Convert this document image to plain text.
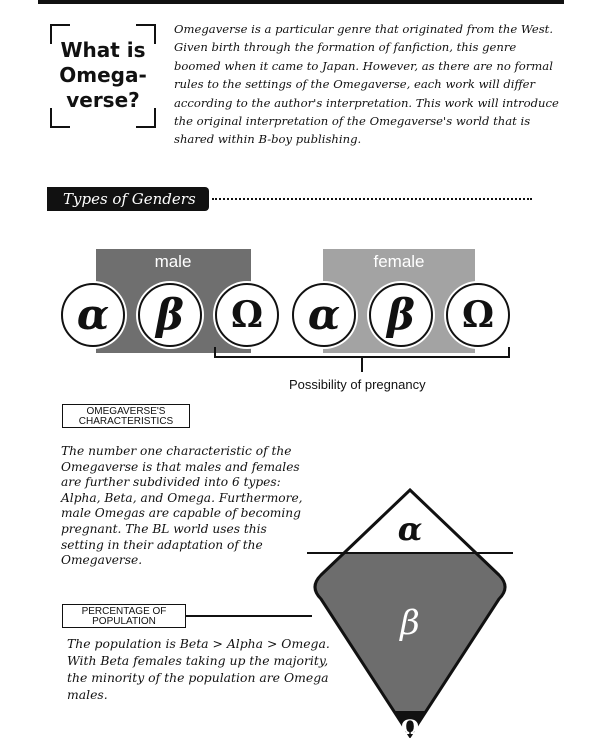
What is
Omega-
verse?

Omegaverse is a particular genre that originated from the West. Given birth through the formation of fanfiction, this genre boomed when it came to Japan. However, as there are no formal rules to the settings of the Omegaverse, each work will differ according to the author's interpretation. This work will introduce the original interpretation of the Omegaverse's world that is shared within B-boy publishing.

Types of Genders
male	female
α	β	Ω	α	β	Ω
Possibility of pregnancy
OMEGAVERSE'S CHARACTERISTICS

The number one characteristic of the Omegaverse is that males and females are further subdivided into 6 types: Alpha, Beta, and Omega. Furthermore, male Omegas are capable of becoming pregnant. The BL world uses this setting in their adaptation of the Omegaverse.

PERCENTAGE OF POPULATION

The population is Beta > Alpha > Omega. With Beta females taking up the majority, the minority of the population are Omega males.

α
β
Ω
